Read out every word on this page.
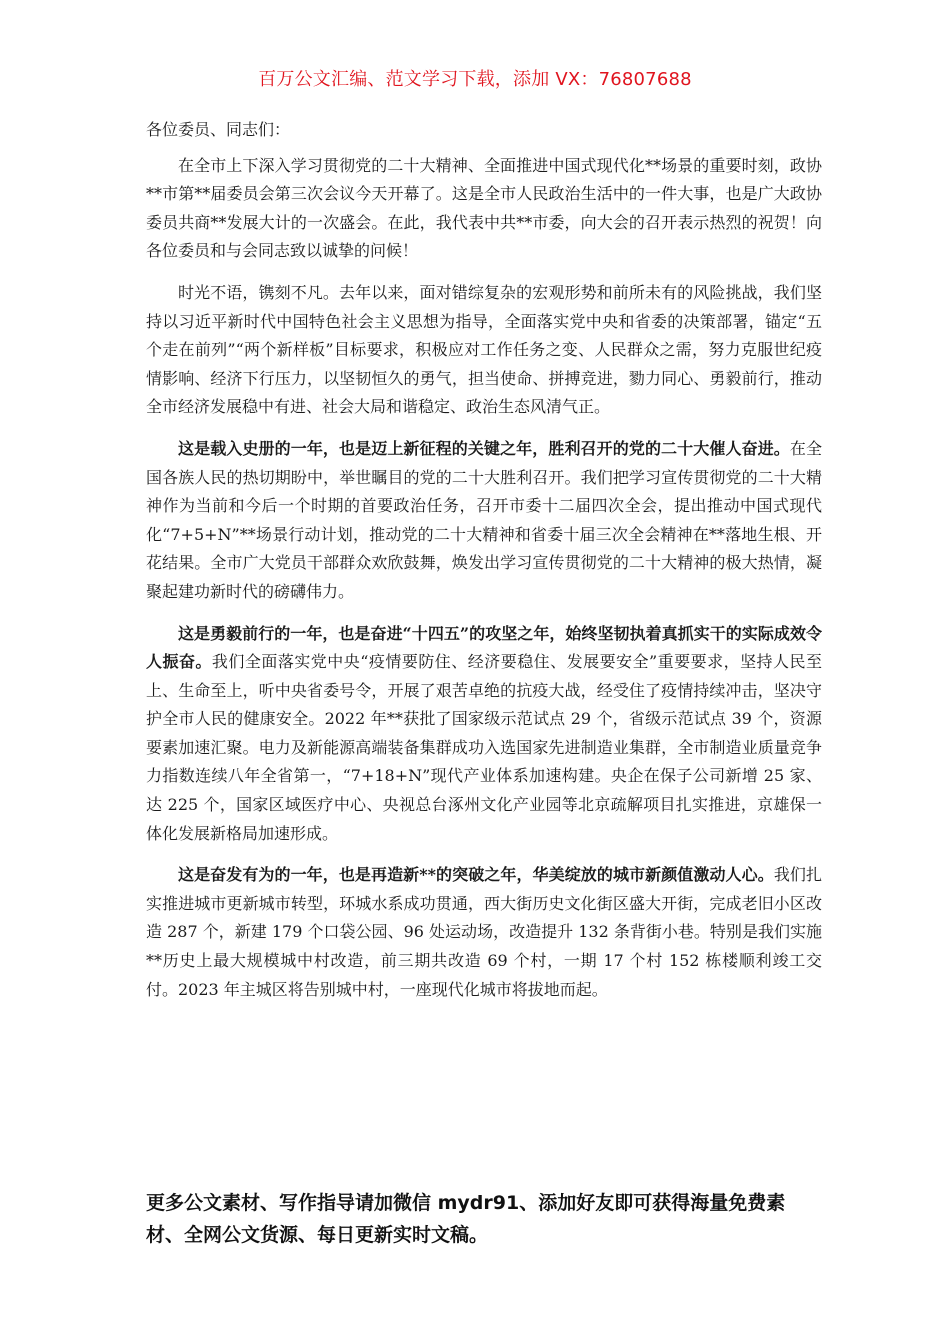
百万公文汇编、范文学习下载，添加 VX：76807688

各位委员、同志们：

在全市上下深入学习贯彻党的二十大精神、全面推进中国式现代化**场景的重要时刻，政协**市第**届委员会第三次会议今天开幕了。这是全市人民政治生活中的一件大事，也是广大政协委员共商**发展大计的一次盛会。在此，我代表中共**市委，向大会的召开表示热烈的祝贺！向各位委员和与会同志致以诚挚的问候！

时光不语，镌刻不凡。去年以来，面对错综复杂的宏观形势和前所未有的风险挑战，我们坚持以习近平新时代中国特色社会主义思想为指导，全面落实党中央和省委的决策部署，锚定“五个走在前列”“两个新样板”目标要求，积极应对工作任务之变、人民群众之需，努力克服世纪疫情影响、经济下行压力，以坚韧恒久的勇气，担当使命、拼搏竞进，勠力同心、勇毅前行，推动全市经济发展稳中有进、社会大局和谐稳定、政治生态风清气正。

这是载入史册的一年，也是迈上新征程的关键之年，胜利召开的党的二十大催人奋进。在全国各族人民的热切期盼中，举世瞩目的党的二十大胜利召开。我们把学习宣传贯彻党的二十大精神作为当前和今后一个时期的首要政治任务，召开市委十二届四次全会，提出推动中国式现代化“7+5+N”**场景行动计划，推动党的二十大精神和省委十届三次全会精神在**落地生根、开花结果。全市广大党员干部群众欢欣鼓舞，焕发出学习宣传贯彻党的二十大精神的极大热情，凝聚起建功新时代的磅礴伟力。

这是勇毅前行的一年，也是奋进“十四五”的攻坚之年，始终坚韧执着真抓实干的实际成效令人振奋。我们全面落实党中央“疫情要防住、经济要稳住、发展要安全”重要要求，坚持人民至上、生命至上，听中央省委号令，开展了艰苦卓绝的抗疫大战，经受住了疫情持续冲击，坚决守护全市人民的健康安全。2022 年**获批了国家级示范试点 29 个，省级示范试点 39 个，资源要素加速汇聚。电力及新能源高端装备集群成功入选国家先进制造业集群，全市制造业质量竞争力指数连续八年全省第一，“7+18+N”现代产业体系加速构建。央企在保子公司新增 25 家、达 225 个，国家区域医疗中心、央视总台涿州文化产业园等北京疏解项目扎实推进，京雄保一体化发展新格局加速形成。

这是奋发有为的一年，也是再造新**的突破之年，华美绽放的城市新颜值激动人心。我们扎实推进城市更新城市转型，环城水系成功贯通，西大街历史文化街区盛大开街，完成老旧小区改造 287 个，新建 179 个口袋公园、96 处运动场，改造提升 132 条背街小巷。特别是我们实施**历史上最大规模城中村改造，前三期共改造 69 个村，一期 17 个村 152 栋楼顺利竣工交付。2023 年主城区将告别城中村，一座现代化城市将拔地而起。

更多公文素材、写作指导请加微信 mydr91、添加好友即可获得海量免费素材、全网公文货源、每日更新实时文稿。
